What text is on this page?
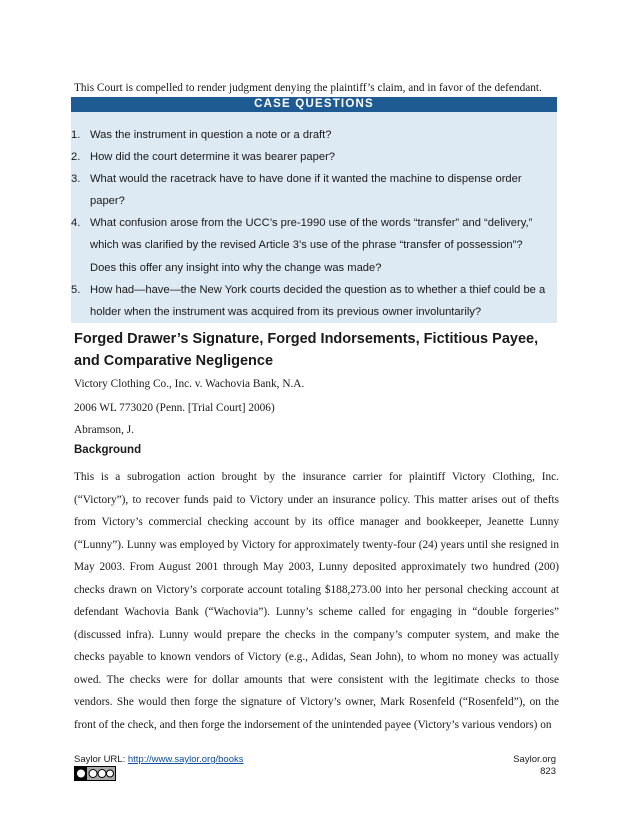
This Court is compelled to render judgment denying the plaintiff’s claim, and in favor of the defendant.
CASE QUESTIONS
1. Was the instrument in question a note or a draft?
2. How did the court determine it was bearer paper?
3. What would the racetrack have to have done if it wanted the machine to dispense order paper?
4. What confusion arose from the UCC’s pre-1990 use of the words “transfer” and “delivery,” which was clarified by the revised Article 3’s use of the phrase “transfer of possession”? Does this offer any insight into why the change was made?
5. How had—have—the New York courts decided the question as to whether a thief could be a holder when the instrument was acquired from its previous owner involuntarily?
Forged Drawer’s Signature, Forged Indorsements, Fictitious Payee, and Comparative Negligence
Victory Clothing Co., Inc. v. Wachovia Bank, N.A.
2006 WL 773020 (Penn. [Trial Court] 2006)
Abramson, J.
Background
This is a subrogation action brought by the insurance carrier for plaintiff Victory Clothing, Inc. (“Victory”), to recover funds paid to Victory under an insurance policy. This matter arises out of thefts from Victory’s commercial checking account by its office manager and bookkeeper, Jeanette Lunny (“Lunny”). Lunny was employed by Victory for approximately twenty-four (24) years until she resigned in May 2003. From August 2001 through May 2003, Lunny deposited approximately two hundred (200) checks drawn on Victory’s corporate account totaling $188,273.00 into her personal checking account at defendant Wachovia Bank (“Wachovia”). Lunny’s scheme called for engaging in “double forgeries” (discussed infra). Lunny would prepare the checks in the company’s computer system, and make the checks payable to known vendors of Victory (e.g., Adidas, Sean John), to whom no money was actually owed. The checks were for dollar amounts that were consistent with the legitimate checks to those vendors. She would then forge the signature of Victory’s owner, Mark Rosenfeld (“Rosenfeld”), on the front of the check, and then forge the indorsement of the unintended payee (Victory’s various vendors) on
Saylor URL: http://www.saylor.org/books	Saylor.org
823
